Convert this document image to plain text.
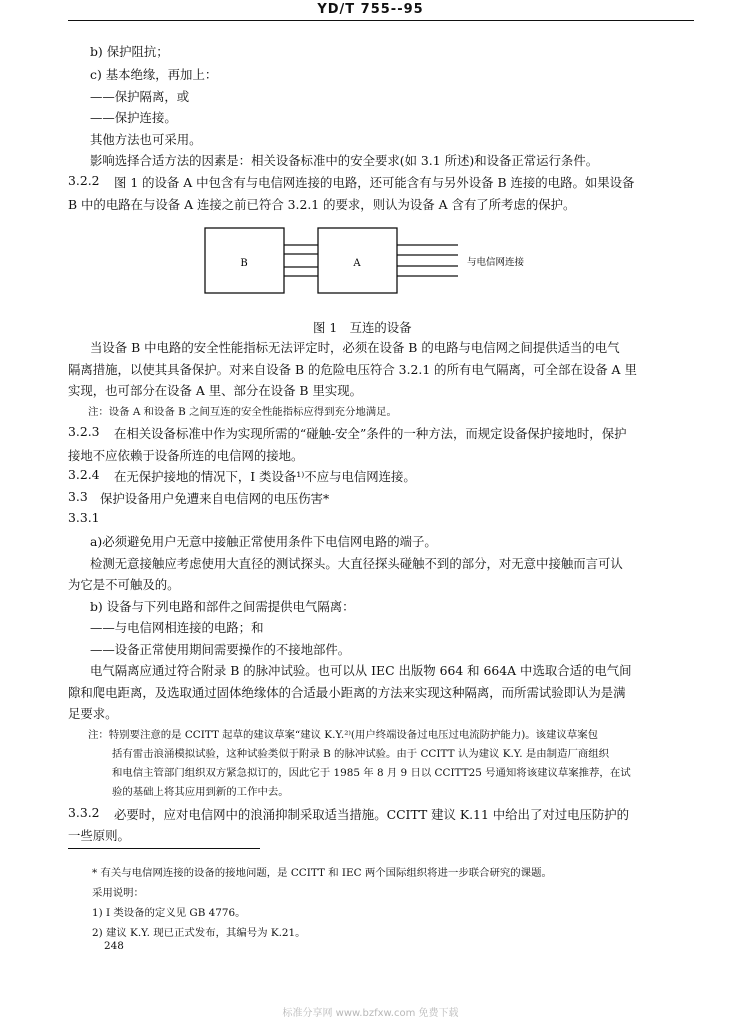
YD/T 755--95
b) 保护阻抗；
c) 基本绝缘，再加上：
——保护隔离，或
——保护连接。
其他方法也可采用。
影响选择合适方法的因素是：相关设备标准中的安全要求(如 3.1 所述)和设备正常运行条件。
3.2.2 图 1 的设备 A 中包含有与电信网连接的电路，还可能含有与另外设备 B 连接的电路。如果设备
B 中的电路在与设备 A 连接之前已符合 3.2.1 的要求，则认为设备 A 含有了所考虑的保护。
B	A	与电信网连接
图 1　互连的设备
当设备 B 中电路的安全性能指标无法评定时，必须在设备 B 的电路与电信网之间提供适当的电气
隔离措施，以使其具备保护。对来自设备 B 的危险电压符合 3.2.1 的所有电气隔离，可全部在设备 A 里
实现，也可部分在设备 A 里、部分在设备 B 里实现。
注：设备 A 和设备 B 之间互连的安全性能指标应得到充分地满足。
3.2.3 在相关设备标准中作为实现所需的“碰触-安全”条件的一种方法，而规定设备保护接地时，保护
接地不应依赖于设备所连的电信网的接地。
3.2.4 在无保护接地的情况下，I 类设备¹⁾不应与电信网连接。
3.3 保护设备用户免遭来自电信网的电压伤害*
3.3.1
a)必须避免用户无意中接触正常使用条件下电信网电路的端子。
检测无意接触应考虑使用大直径的测试探头。大直径探头碰触不到的部分，对无意中接触而言可认
为它是不可触及的。
b) 设备与下列电路和部件之间需提供电气隔离：
——与电信网相连接的电路；和
——设备正常使用期间需要操作的不接地部件。
电气隔离应通过符合附录 B 的脉冲试验。也可以从 IEC 出版物 664 和 664A 中选取合适的电气间
隙和爬电距离，及选取通过固体绝缘体的合适最小距离的方法来实现这种隔离，而所需试验即认为是满
足要求。
注：特别要注意的是 CCITT 起草的建议草案“建议 K.Y.²⁾(用户终端设备过电压过电流防护能力)。该建议草案包
括有雷击浪涌模拟试验，这种试验类似于附录 B 的脉冲试验。由于 CCITT 认为建议 K.Y. 是由制造厂商组织
和电信主管部门组织双方紧急拟订的，因此它于 1985 年 8 月 9 日以 CCITT25 号通知将该建议草案推荐，在试
验的基础上将其应用到新的工作中去。
3.3.2 必要时，应对电信网中的浪涌抑制采取适当措施。CCITT 建议 K.11 中给出了对过电压防护的
一些原则。
* 有关与电信网连接的设备的接地问题，是 CCITT 和 IEC 两个国际组织将进一步联合研究的课题。
采用说明：
1) I 类设备的定义见 GB 4776。
2) 建议 K.Y. 现已正式发布，其编号为 K.21。
248
标准分享网 www.bzfxw.com 免费下载
